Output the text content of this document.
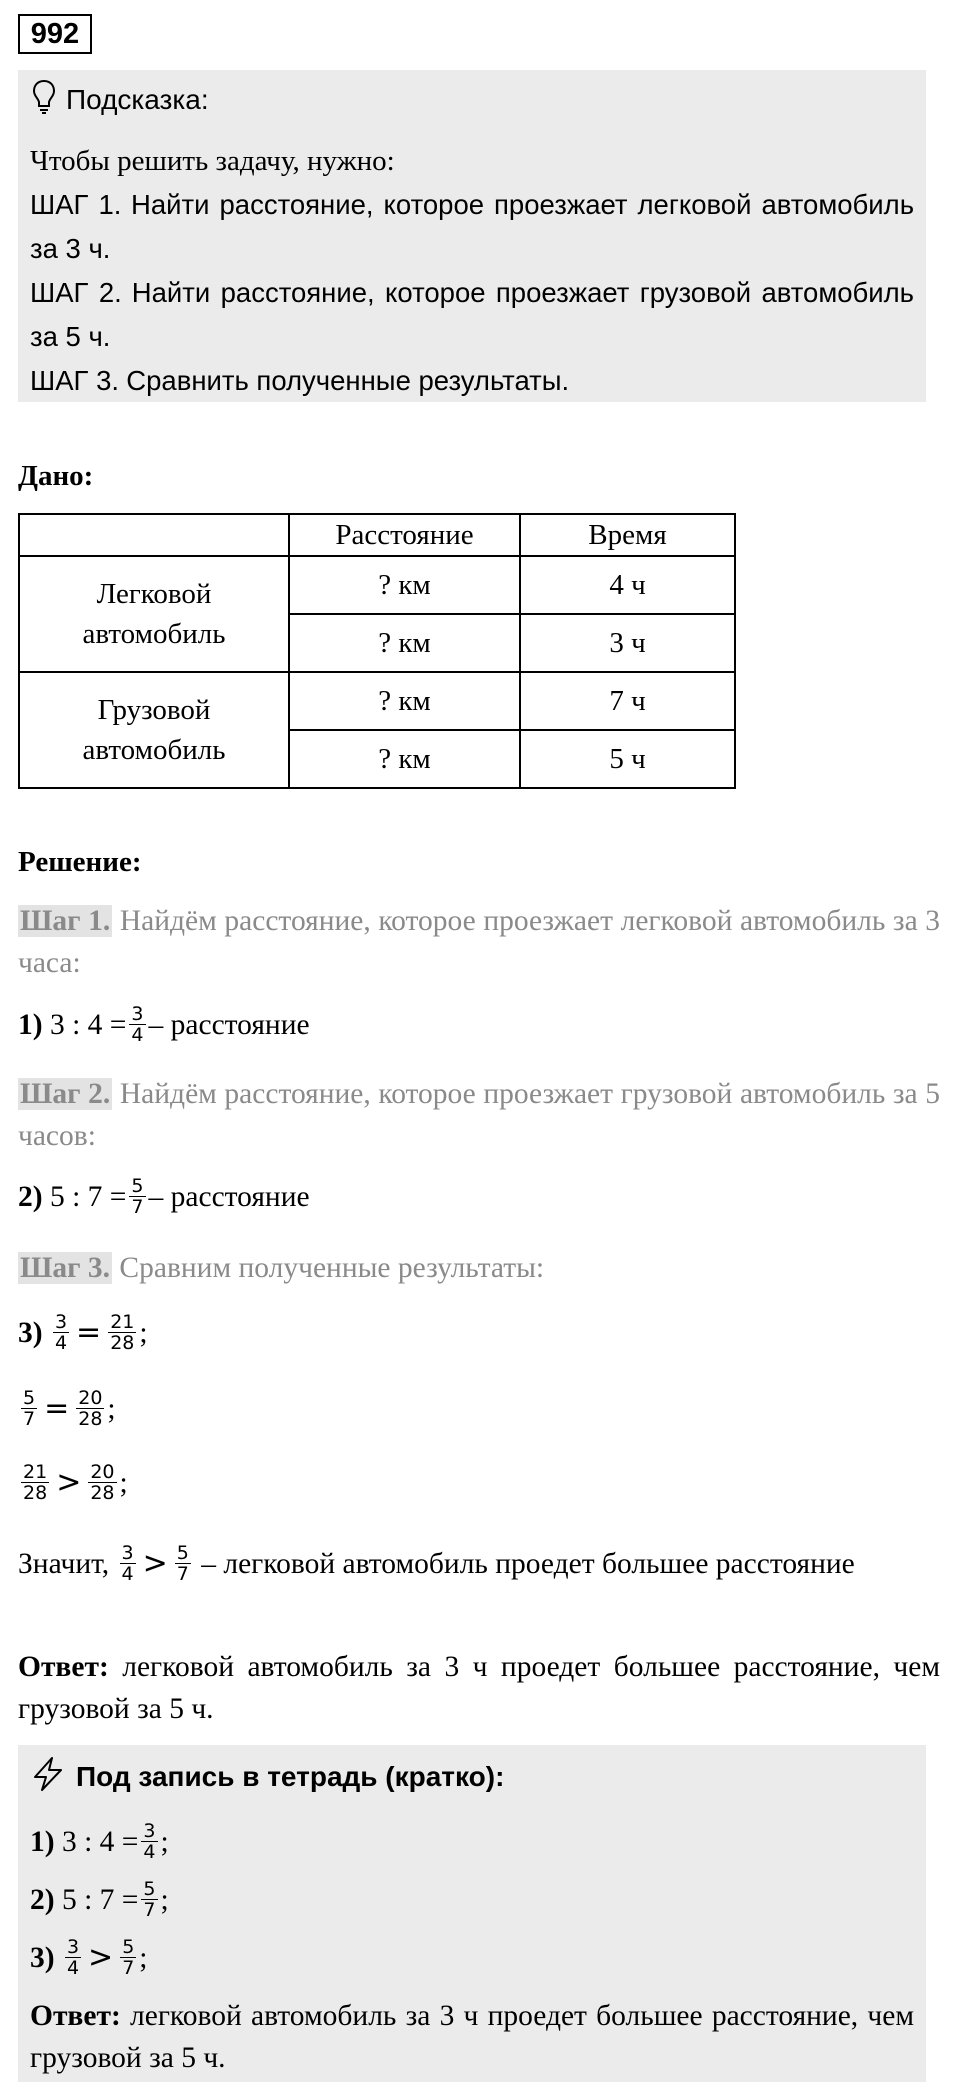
992
Подсказка:
Чтобы решить задачу, нужно:
ШАГ 1. Найти расстояние, которое проезжает легковой автомобиль за 3 ч.
ШАГ 2. Найти расстояние, которое проезжает грузовой автомобиль за 5 ч.
ШАГ 3. Сравнить полученные результаты.
Дано:
	Расстояние	Время
Легковой
автомобиль	? км	4 ч
	? км	3 ч
Грузовой
автомобиль	? км	7 ч
	? км	5 ч
Решение:
Шаг 1. Найдём расстояние, которое проезжает легковой автомобиль за 3 часа:
1) 3 : $4 = \frac{3}{4}$ – расстояние
Шаг 2. Найдём расстояние, которое проезжает грузовой автомобиль за 5 часов:
2) 5 : $7 = \frac{5}{7}$ – расстояние
Шаг 3. Сравним полученные результаты:
$3) \frac{3}{4} = \frac{21}{28}$ ;
$\frac{5}{7} = \frac{20}{28}$ ;
$\frac{21}{28} > \frac{20}{28}$ ;
Значит, $\frac{3}{4} > \frac{5}{7}$ – легковой автомобиль проедет большее расстояние
Ответ: легковой автомобиль за 3 ч проедет большее расстояние, чем грузовой за 5 ч.
Под запись в тетрадь (кратко):
1) 3 : $4 = \frac{3}{4}$ ;
2) 5 : $7 = \frac{5}{7}$ ;
$3) \frac{3}{4} > \frac{5}{7}$ ;
Ответ: легковой автомобиль за 3 ч проедет большее расстояние, чем грузовой за 5 ч.
